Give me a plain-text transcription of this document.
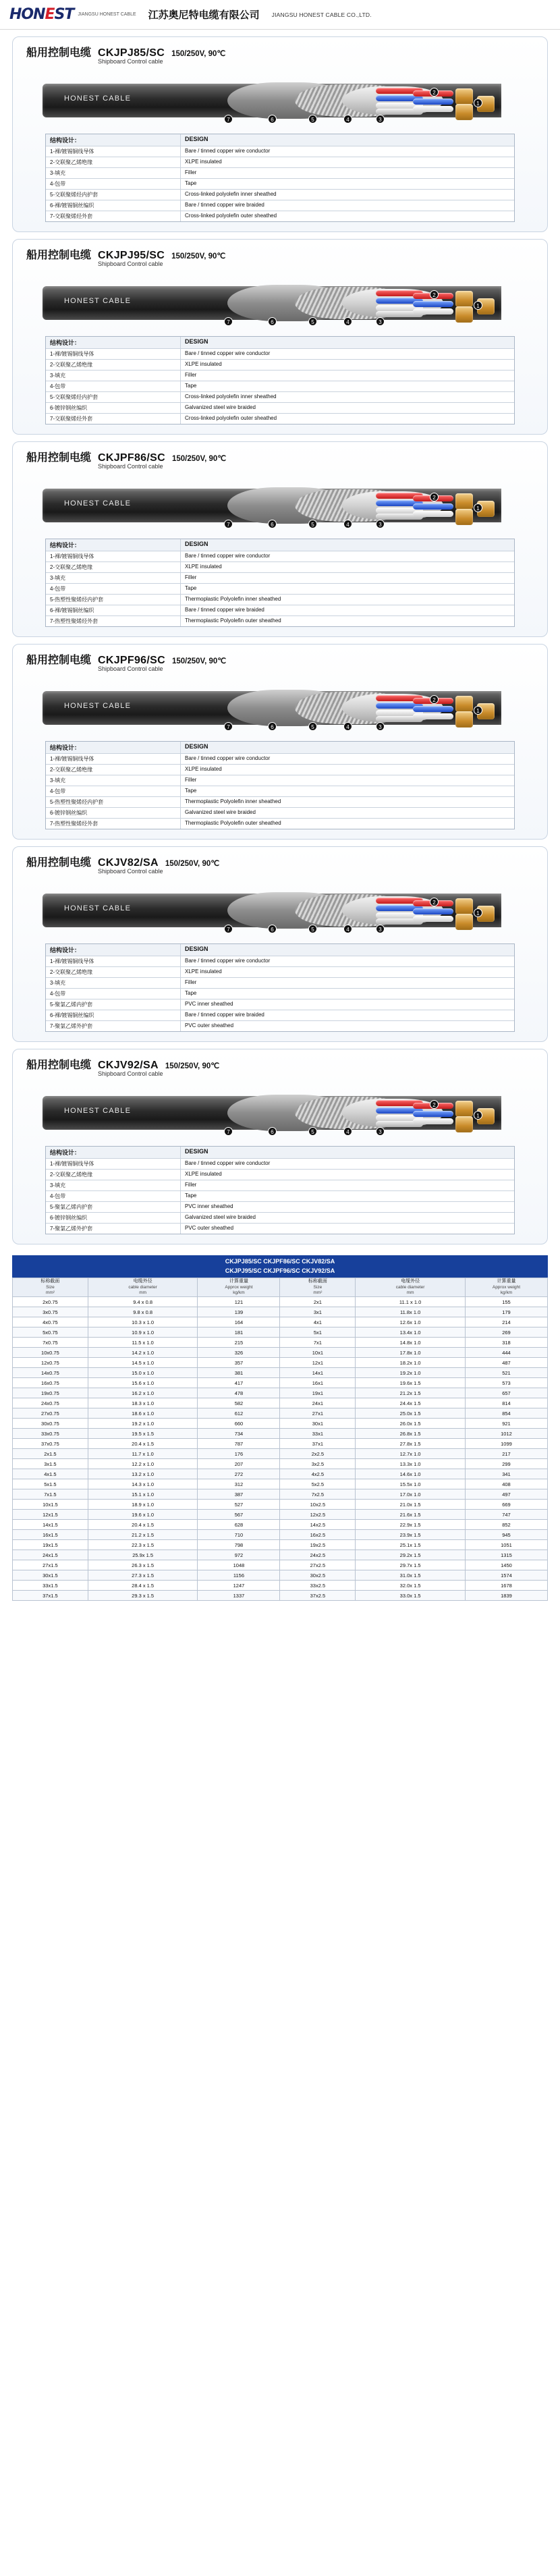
HONEST JIANGSU HONEST CABLE 江苏奥尼特电缆有限公司 JIANGSU HONEST CABLE CO.,LTD.
船用控制电缆 CKJPJ85/SC 150/250V, 90℃
Shipboard Control cable
HONEST CABLE
7	6	5	4	3
2
1
结构设计：	DESIGN
1-裸/镀锡铜线导体	Bare / tinned copper wire conductor
2-交联聚乙烯绝缘	XLPE insulated
3-填充	Filler
4-包带	Tape
5-交联聚烯烃内护套	Cross-linked polyolefin inner sheathed
6-裸/镀锡铜丝编织	Bare / tinned copper wire braided
7-交联聚烯烃外套	Cross-linked polyolefin outer sheathed
船用控制电缆 CKJPJ95/SC 150/250V, 90℃
Shipboard Control cable
HONEST CABLE
7	6	5	4	3
2
1
结构设计：	DESIGN
1-裸/镀锡铜线导体	Bare / tinned copper wire conductor
2-交联聚乙烯绝缘	XLPE insulated
3-填充	Filler
4-包带	Tape
5-交联聚烯烃内护套	Cross-linked polyolefin inner sheathed
6-镀锌钢丝编织	Galvanized steel wire braided
7-交联聚烯烃外套	Cross-linked polyolefin outer sheathed
船用控制电缆 CKJPF86/SC 150/250V, 90℃
Shipboard Control cable
HONEST CABLE
7	6	5	4	3
2
1
结构设计：	DESIGN
1-裸/镀锡铜线导体	Bare / tinned copper wire conductor
2-交联聚乙烯绝缘	XLPE insulated
3-填充	Filler
4-包带	Tape
5-热塑性聚烯烃内护套	Thermoplastic Polyolefin inner sheathed
6-裸/镀锡铜丝编织	Bare / tinned copper wire braided
7-热塑性聚烯烃外套	Thermoplastic Polyolefin outer sheathed
船用控制电缆 CKJPF96/SC 150/250V, 90℃
Shipboard Control cable
HONEST CABLE
7	6	5	4	3
2
1
结构设计：	DESIGN
1-裸/镀锡铜线导体	Bare / tinned copper wire conductor
2-交联聚乙烯绝缘	XLPE insulated
3-填充	Filler
4-包带	Tape
5-热塑性聚烯烃内护套	Thermoplastic Polyolefin inner sheathed
6-镀锌钢丝编织	Galvanized steel wire braided
7-热塑性聚烯烃外套	Thermoplastic Polyolefin outer sheathed
船用控制电缆 CKJV82/SA 150/250V, 90℃
Shipboard Control cable
HONEST CABLE
7	6	5	4	3
2
1
结构设计：	DESIGN
1-裸/镀锡铜线导体	Bare / tinned copper wire conductor
2-交联聚乙烯绝缘	XLPE insulated
3-填充	Filler
4-包带	Tape
5-聚氯乙烯内护套	PVC inner sheathed
6-裸/镀锡铜丝编织	Bare / tinned copper wire braided
7-聚氯乙烯外护套	PVC outer sheathed
船用控制电缆 CKJV92/SA 150/250V, 90℃
Shipboard Control cable
HONEST CABLE
7	6	5	4	3
2
1
结构设计：	DESIGN
1-裸/镀锡铜线导体	Bare / tinned copper wire conductor
2-交联聚乙烯绝缘	XLPE insulated
3-填充	Filler
4-包带	Tape
5-聚氯乙烯内护套	PVC inner sheathed
6-镀锌钢丝编织	Galvanized steel wire braided
7-聚氯乙烯外护套	PVC outer sheathed
CKJPJ85/SC CKJPF86/SC CKJV82/SA
CKJPJ95/SC CKJPF96/SC CKJV92/SA
标称截面
Size
mm²	电缆外径
cable diameter
mm	计算重量
Approx weight
kg/km	标称截面
Size
mm²	电缆外径
cable diameter
mm	计算重量
Approx weight
kg/km

2x0.75	9.4 x 0.8	121	2x1	11.1 x 1.0	155
3x0.75	9.8 x 0.8	139	3x1	11.8x 1.0	179
4x0.75	10.3 x 1.0	164	4x1	12.6x 1.0	214
5x0.75	10.9 x 1.0	181	5x1	13.4x 1.0	269
7x0.75	11.5 x 1.0	215	7x1	14.8x 1.0	318
10x0.75	14.2 x 1.0	326	10x1	17.8x 1.0	444
12x0.75	14.5 x 1.0	357	12x1	18.2x 1.0	487
14x0.75	15.0 x 1.0	381	14x1	19.2x 1.0	521
16x0.75	15.6 x 1.0	417	16x1	19.6x 1.5	573
19x0.75	16.2 x 1.0	478	19x1	21.2x 1.5	657
24x0.75	18.3 x 1.0	582	24x1	24.4x 1.5	814
27x0.75	18.6 x 1.0	612	27x1	25.0x 1.5	854
30x0.75	19.2 x 1.0	660	30x1	26.0x 1.5	921
33x0.75	19.5 x 1.5	734	33x1	26.8x 1.5	1012
37x0.75	20.4 x 1.5	787	37x1	27.8x 1.5	1099
2x1.5	11.7 x 1.0	176	2x2.5	12.7x 1.0	217
3x1.5	12.2 x 1.0	207	3x2.5	13.3x 1.0	299
4x1.5	13.2 x 1.0	272	4x2.5	14.6x 1.0	341
5x1.5	14.3 x 1.0	312	5x2.5	15.5x 1.0	408
7x1.5	15.1 x 1.0	387	7x2.5	17.0x 1.0	497
10x1.5	18.9 x 1.0	527	10x2.5	21.0x 1.5	669
12x1.5	19.6 x 1.0	567	12x2.5	21.6x 1.5	747
14x1.5	20.4 x 1.5	628	14x2.5	22.9x 1.5	852
16x1.5	21.2 x 1.5	710	16x2.5	23.9x 1.5	945
19x1.5	22.3 x 1.5	798	19x2.5	25.1x 1.5	1051
24x1.5	25.9x 1.5	972	24x2.5	29.2x 1.5	1315
27x1.5	26.3 x 1.5	1048	27x2.5	29.7x 1.5	1450
30x1.5	27.3 x 1.5	1156	30x2.5	31.0x 1.5	1574
33x1.5	28.4 x 1.5	1247	33x2.5	32.0x 1.5	1678
37x1.5	29.3 x 1.5	1337	37x2.5	33.0x 1.5	1839
